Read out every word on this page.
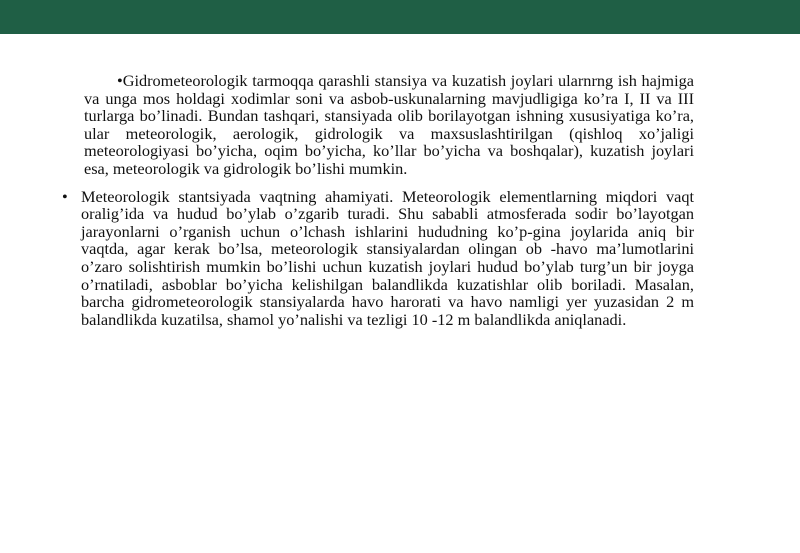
•Gidrometeorologik tarmoqqa qarashli stansiya va kuzatish joylari ularnrng ish hajmiga va unga mos holdagi xodimlar soni va asbob-uskunalarning mavjudligiga ko’ra I, II va III turlarga bo’linadi. Bundan tashqari, stansiyada olib borilayotgan ishning xususiyatiga ko’ra, ular meteorologik, aerologik, gidrologik va maxsuslashtirilgan (qishloq xo’jaligi meteorologiyasi bo’yicha, oqim bo’yicha, ko’llar bo’yicha va boshqalar), kuzatish joylari esa, meteorologik va gidrologik bo’lishi mumkin.

• Meteorologik stantsiyada vaqtning ahamiyati. Meteorologik elementlarning miqdori vaqt oralig’ida va hudud bo’ylab o’zgarib turadi. Shu sababli atmosferada sodir bo’layotgan jarayonlarni o’rganish uchun o’lchash ishlarini hududning ko’p-gina joylarida aniq bir vaqtda, agar kerak bo’lsa, meteorologik stansiyalardan olingan ob -havo ma’lumotlarini o’zaro solishtirish mumkin bo’lishi uchun kuzatish joylari hudud bo’ylab turg’un bir joyga o’rnatiladi, asboblar bo’yicha kelishilgan balandlikda kuzatishlar olib boriladi. Masalan, barcha gidrometeorologik stansiyalarda havo harorati va havo namligi yer yuzasidan 2 m balandlikda kuzatilsa, shamol yo’nalishi va tezligi 10 -12 m balandlikda aniqlanadi.
